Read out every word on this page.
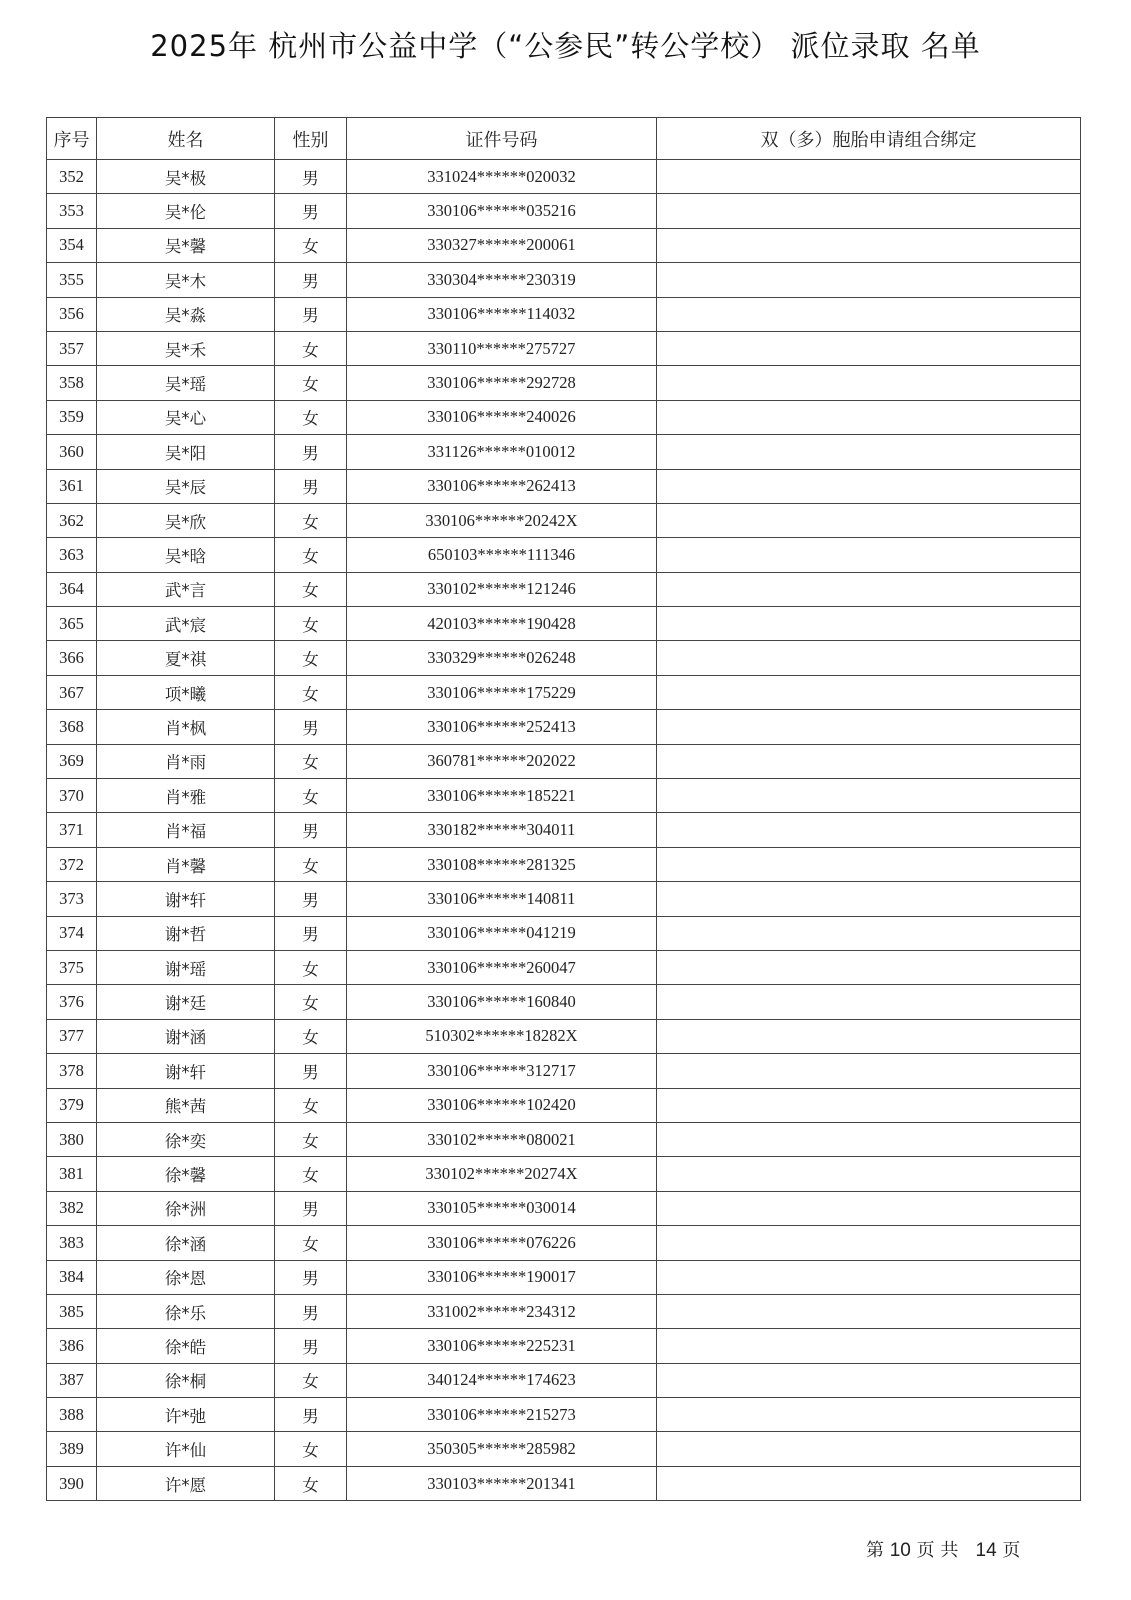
2025年 杭州市公益中学（“公参民”转公学校） 派位录取 名单
序号	姓名	性别	证件号码	双（多）胞胎申请组合绑定
352	吴*极	男	331024******020032	
353	吴*伦	男	330106******035216	
354	吴*馨	女	330327******200061	
355	吴*木	男	330304******230319	
356	吴*淼	男	330106******114032	
357	吴*禾	女	330110******275727	
358	吴*瑶	女	330106******292728	
359	吴*心	女	330106******240026	
360	吴*阳	男	331126******010012	
361	吴*辰	男	330106******262413	
362	吴*欣	女	330106******20242X	
363	吴*晗	女	650103******111346	
364	武*言	女	330102******121246	
365	武*宸	女	420103******190428	
366	夏*祺	女	330329******026248	
367	项*曦	女	330106******175229	
368	肖*枫	男	330106******252413	
369	肖*雨	女	360781******202022	
370	肖*雅	女	330106******185221	
371	肖*福	男	330182******304011	
372	肖*馨	女	330108******281325	
373	谢*轩	男	330106******140811	
374	谢*哲	男	330106******041219	
375	谢*瑶	女	330106******260047	
376	谢*廷	女	330106******160840	
377	谢*涵	女	510302******18282X	
378	谢*轩	男	330106******312717	
379	熊*茜	女	330106******102420	
380	徐*奕	女	330102******080021	
381	徐*馨	女	330102******20274X	
382	徐*洲	男	330105******030014	
383	徐*涵	女	330106******076226	
384	徐*恩	男	330106******190017	
385	徐*乐	男	331002******234312	
386	徐*皓	男	330106******225231	
387	徐*桐	女	340124******174623	
388	许*弛	男	330106******215273	
389	许*仙	女	350305******285982	
390	许*愿	女	330103******201341	
第 10 页 共 14 页
